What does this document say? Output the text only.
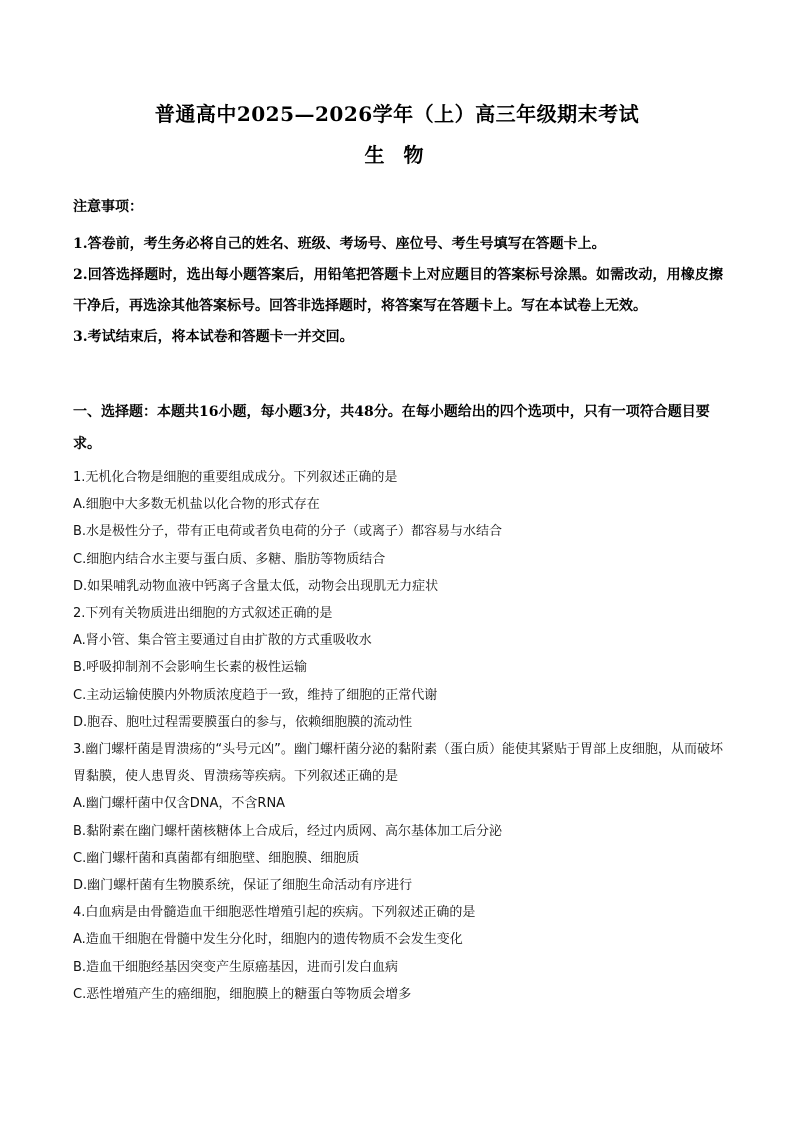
普通高中2025—2026学年（上）高三年级期末考试
生 物
注意事项：
1.答卷前，考生务必将自己的姓名、班级、考场号、座位号、考生号填写在答题卡上。
2.回答选择题时，选出每小题答案后，用铅笔把答题卡上对应题目的答案标号涂黑。如需改动，用橡皮擦干净后，再选涂其他答案标号。回答非选择题时，将答案写在答题卡上。写在本试卷上无效。
3.考试结束后，将本试卷和答题卡一并交回。
一、选择题：本题共16小题，每小题3分，共48分。在每小题给出的四个选项中，只有一项符合题目要求。
1.无机化合物是细胞的重要组成成分。下列叙述正确的是
A.细胞中大多数无机盐以化合物的形式存在
B.水是极性分子，带有正电荷或者负电荷的分子（或离子）都容易与水结合
C.细胞内结合水主要与蛋白质、多糖、脂肪等物质结合
D.如果哺乳动物血液中钙离子含量太低，动物会出现肌无力症状
2.下列有关物质进出细胞的方式叙述正确的是
A.肾小管、集合管主要通过自由扩散的方式重吸收水
B.呼吸抑制剂不会影响生长素的极性运输
C.主动运输使膜内外物质浓度趋于一致，维持了细胞的正常代谢
D.胞吞、胞吐过程需要膜蛋白的参与，依赖细胞膜的流动性
3.幽门螺杆菌是胃溃疡的“头号元凶”。幽门螺杆菌分泌的黏附素（蛋白质）能使其紧贴于胃部上皮细胞，从而破坏胃黏膜，使人患胃炎、胃溃疡等疾病。下列叙述正确的是
A.幽门螺杆菌中仅含DNA，不含RNA
B.黏附素在幽门螺杆菌核糖体上合成后，经过内质网、高尔基体加工后分泌
C.幽门螺杆菌和真菌都有细胞壁、细胞膜、细胞质
D.幽门螺杆菌有生物膜系统，保证了细胞生命活动有序进行
4.白血病是由骨髓造血干细胞恶性增殖引起的疾病。下列叙述正确的是
A.造血干细胞在骨髓中发生分化时，细胞内的遗传物质不会发生变化
B.造血干细胞经基因突变产生原癌基因，进而引发白血病
C.恶性增殖产生的癌细胞，细胞膜上的糖蛋白等物质会增多
